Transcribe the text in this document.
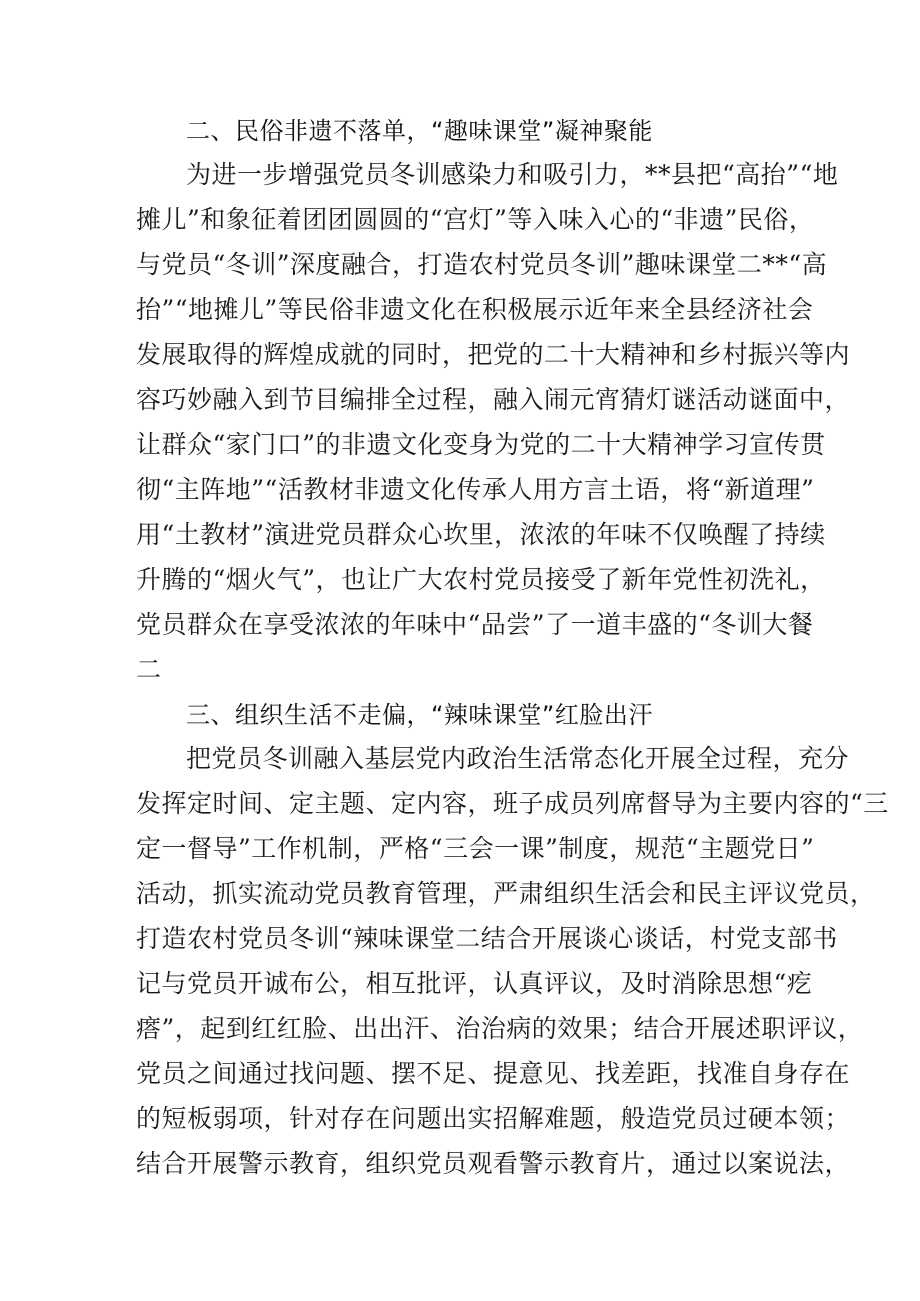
二、民俗非遗不落单，“趣味课堂”凝神聚能
为进一步增强党员冬训感染力和吸引力，**县把“高抬”“地
摊儿”和象征着团团圆圆的“宫灯”等入味入心的“非遗”民俗，
与党员“冬训”深度融合，打造农村党员冬训”趣味课堂二**“高
抬”“地摊儿”等民俗非遗文化在积极展示近年来全县经济社会
发展取得的辉煌成就的同时，把党的二十大精神和乡村振兴等内
容巧妙融入到节目编排全过程，融入闹元宵猜灯谜活动谜面中，
让群众“家门口”的非遗文化变身为党的二十大精神学习宣传贯
彻“主阵地”“活教材非遗文化传承人用方言土语，将“新道理”
用“土教材”演进党员群众心坎里，浓浓的年味不仅唤醒了持续
升腾的“烟火气”，也让广大农村党员接受了新年党性初洗礼，
党员群众在享受浓浓的年味中“品尝”了一道丰盛的“冬训大餐
二
三、组织生活不走偏，“辣味课堂”红脸出汗
把党员冬训融入基层党内政治生活常态化开展全过程，充分
发挥定时间、定主题、定内容，班子成员列席督导为主要内容的“三
定一督导”工作机制，严格“三会一课”制度，规范“主题党日”
活动，抓实流动党员教育管理，严肃组织生活会和民主评议党员，
打造农村党员冬训“辣味课堂二结合开展谈心谈话，村党支部书
记与党员开诚布公，相互批评，认真评议，及时消除思想“疙
瘩”，起到红红脸、出出汗、治治病的效果；结合开展述职评议，
党员之间通过找问题、摆不足、提意见、找差距，找准自身存在
的短板弱项，针对存在问题出实招解难题，般造党员过硬本领；
结合开展警示教育，组织党员观看警示教育片，通过以案说法，
